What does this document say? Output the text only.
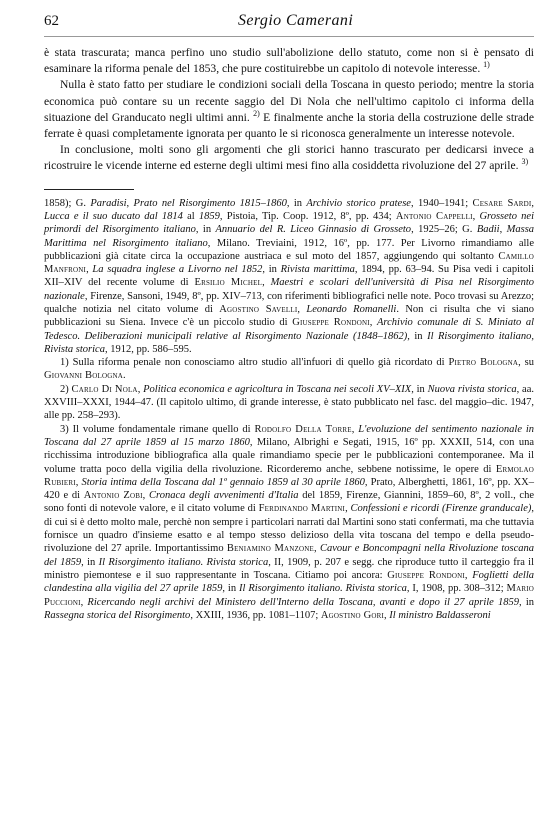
62	Sergio Camerani

è stata trascurata; manca perfino uno studio sull'abolizione dello statuto, come non si è pensato di esaminare la riforma penale del 1853, che pure costituirebbe un capitolo di notevole interesse. $^{1)}$

Nulla è stato fatto per studiare le condizioni sociali della Toscana in questo periodo; mentre la storia economica può contare su un recente saggio del Di Nola che nell'ultimo capitolo ci informa della situazione del Granducato negli ultimi anni. $^{2)}$ E finalmente anche la storia della costruzione delle strade ferrate è quasi completamente ignorata per quanto le si riconosca generalmente un interesse notevole.

In conclusione, molti sono gli argomenti che gli storici hanno trascurato per dedicarsi invece a ricostruire le vicende interne ed esterne degli ultimi mesi fino alla cosiddetta rivoluzione del 27 aprile. $^{3)}$

1858); G. Paradisi, Prato nel Risorgimento 1815–1860, in Archivio storico pratese, 1940–1941; Cesare Sardi, Lucca e il suo ducato dal 1814 al 1859, Pistoia, Tip. Coop. 1912, 8º, pp. 434; Antonio Cappelli, Grosseto nei primordi del Risorgimento italiano, in Annuario del R. Liceo Ginnasio di Grosseto, 1925–26; G. Badii, Massa Marittima nel Risorgimento italiano, Milano. Treviaini, 1912, 16º, pp. 177. Per Livorno rimandiamo alle pubblicazioni già citate circa la occupazione austriaca e sul moto del 1857, aggiungendo qui soltanto Camillo Manfroni, La squadra inglese a Livorno nel 1852, in Rivista marittima, 1894, pp. 63–94. Su Pisa vedi i capitoli XII–XIV del recente volume di Ersilio Michel, Maestri e scolari dell'università di Pisa nel Risorgimento nazionale, Firenze, Sansoni, 1949, 8º, pp. XIV–713, con riferimenti bibliografici nelle note. Poco trovasi su Arezzo; qualche notizia nel citato volume di Agostino Savelli, Leonardo Romanelli. Non ci risulta che vi siano pubblicazioni su Siena. Invece c'è un piccolo studio di Giuseppe Rondoni, Archivio comunale di S. Miniato al Tedesco. Deliberazioni municipali relative al Risorgimento Nazionale (1848–1862), in Il Risorgimento italiano, Rivista storica, 1912, pp. 586–595.

1) Sulla riforma penale non conosciamo altro studio all'infuori di quello già ricordato di Pietro Bologna, su Giovanni Bologna.

2) Carlo Di Nola, Politica economica e agricoltura in Toscana nei secoli XV–XIX, in Nuova rivista storica, aa. XXVIII–XXXI, 1944–47. (Il capitolo ultimo, di grande interesse, è stato pubblicato nel fasc. del maggio–dic. 1947, alle pp. 258–293).

3) Il volume fondamentale rimane quello di Rodolfo Della Torre, L'evoluzione del sentimento nazionale in Toscana dal 27 aprile 1859 al 15 marzo 1860, Milano, Albrighi e Segati, 1915, 16º pp. XXXII, 514, con una ricchissima introduzione bibliografica alla quale rimandiamo specie per le pubblicazioni contemporanee. Ma il volume tratta poco della vigilia della rivoluzione. Ricorderemo anche, sebbene notissime, le opere di Ermolao Rubieri, Storia intima della Toscana dal 1º gennaio 1859 al 30 aprile 1860, Prato, Alberghetti, 1861, 16º, pp. XX–420 e di Antonio Zobi, Cronaca degli avvenimenti d'Italia del 1859, Firenze, Giannini, 1859–60, 8º, 2 voll., che sono fonti di notevole valore, e il citato volume di Ferdinando Martini, Confessioni e ricordi (Firenze granducale), di cui si è detto molto male, perchè non sempre i particolari narrati dal Martini sono stati confermati, ma che tuttavia fornisce un quadro d'insieme esatto e al tempo stesso delizioso della vita toscana del tempo e della pseudo-rivoluzione del 27 aprile. Importantissimo Beniamino Manzone, Cavour e Boncompagni nella Rivoluzione toscana del 1859, in Il Risorgimento italiano. Rivista storica, II, 1909, p. 207 e segg. che riproduce tutto il carteggio fra il ministro piemontese e il suo rappresentante in Toscana. Citiamo poi ancora: Giuseppe Rondoni, Foglietti della clandestina alla vigilia del 27 aprile 1859, in Il Risorgimento italiano. Rivista storica, I, 1908, pp. 308–312; Mario Puccioni, Ricercando negli archivi del Ministero dell'Interno della Toscana, avanti e dopo il 27 aprile 1859, in Rassegna storica del Risorgimento, XXIII, 1936, pp. 1081–1107; Agostino Gori, Il ministro Baldasseroni
